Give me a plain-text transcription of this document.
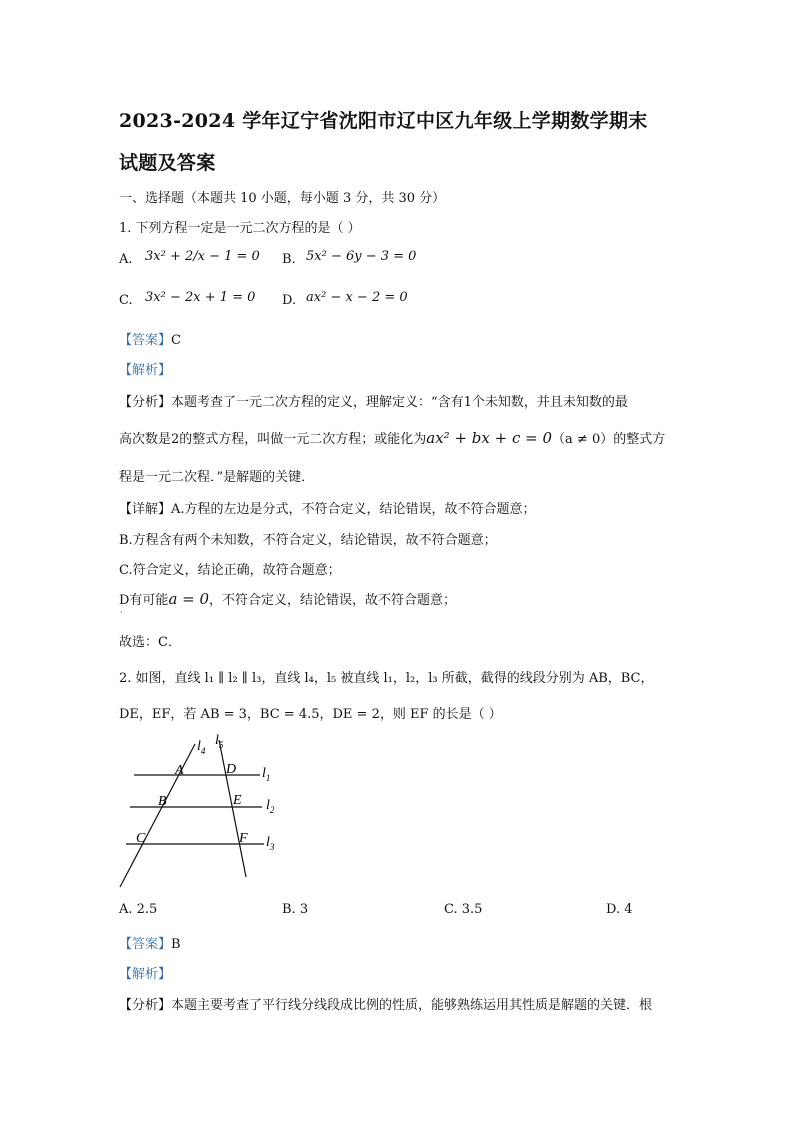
2023-2024 学年辽宁省沈阳市辽中区九年级上学期数学期末
试题及答案
一、选择题（本题共 10 小题，每小题 3 分，共 30 分）
1. 下列方程一定是一元二次方程的是（ ）
A. 3x² + 2/x − 1 = 0 B. 5x² − 6y − 3 = 0
C. 3x² − 2x + 1 = 0 D. ax² − x − 2 = 0
【答案】C
【解析】
【分析】本题考查了一元二次方程的定义，理解定义：“含有1个未知数，并且未知数的最
高次数是2的整式方程，叫做一元二次方程；或能化为ax² + bx + c = 0（a ≠ 0）的整式方
程是一元二次程．”是解题的关键．
【详解】A.方程的左边是分式，不符合定义，结论错误，故不符合题意；
B.方程含有两个未知数，不符合定义，结论错误，故不符合题意；
C.符合定义，结论正确，故符合题意；
D有可能a = 0，不符合定义，结论错误，故不符合题意；
·
故选：C．
2. 如图，直线 l₁ ∥ l₂ ∥ l₃，直线 l₄，l₅ 被直线 l₁，l₂，l₃ 所截，截得的线段分别为 AB，BC，
DE，EF，若 AB = 3，BC = 4.5，DE = 2，则 EF 的长是（ ）
$l_4$
$l_5$
$l_1$
$l_2$
$l_3$
A
B
C
D
E
F
A. 2.5	B. 3	C. 3.5	D. 4
【答案】B
【解析】
【分析】本题主要考查了平行线分线段成比例的性质，能够熟练运用其性质是解题的关键．根
